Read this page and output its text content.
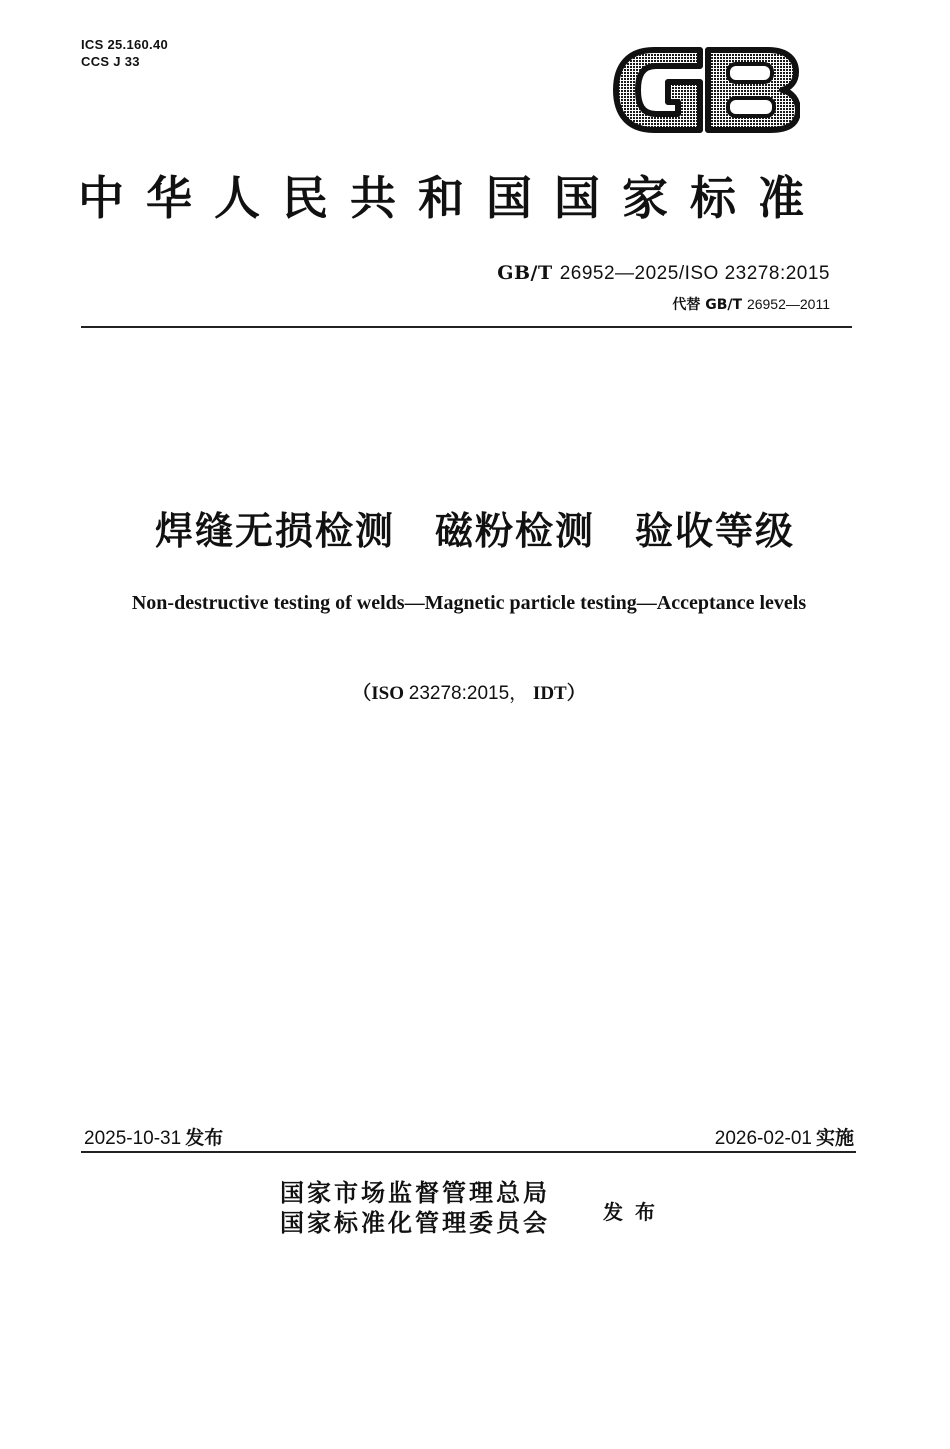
ICS 25.160.40
CCS J 33
中华人民共和国国家标准
GB/T 26952—2025/ISO 23278:2015
代替 GB/T 26952—2011
焊缝无损检测　磁粉检测　验收等级
Non-destructive testing of welds—Magnetic particle testing—Acceptance levels
（ISO 23278:2015， IDT）
2025-10-31 发布	2026-02-01 实施
国家市场监督管理总局
国家标准化管理委员会	发布
